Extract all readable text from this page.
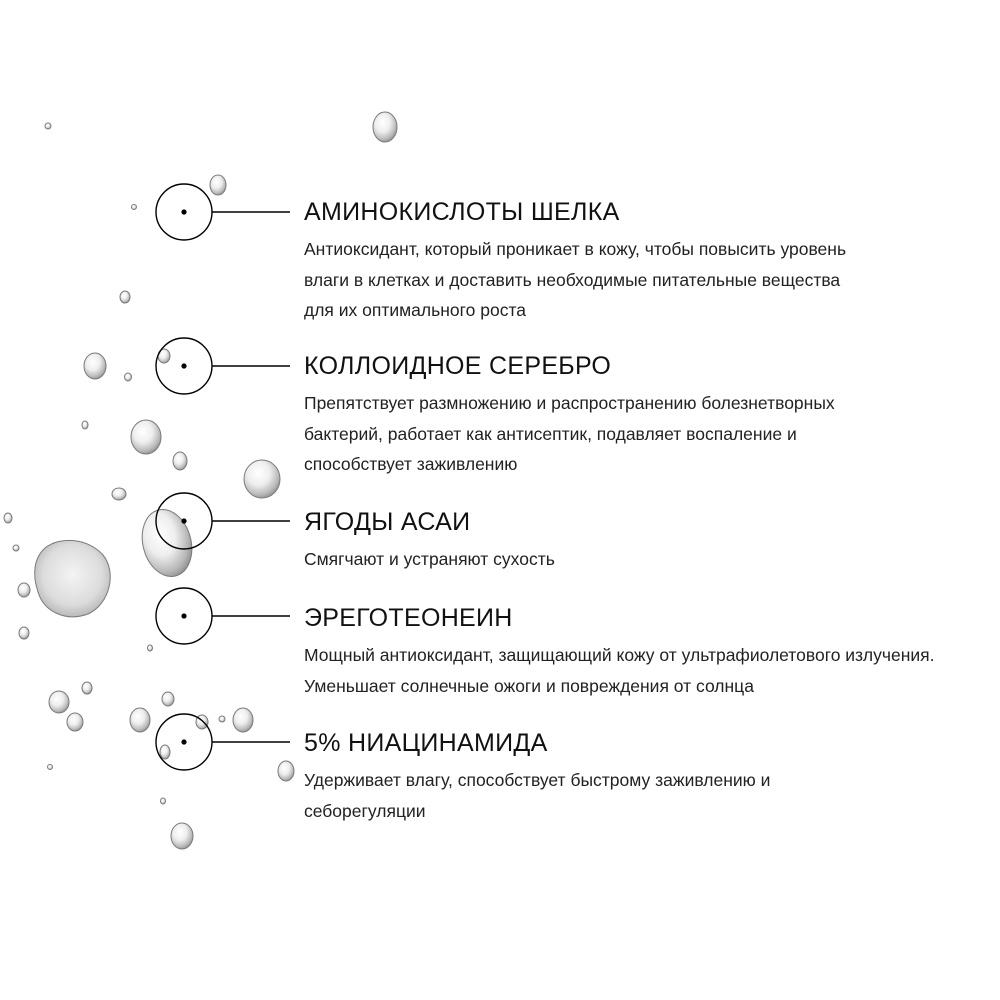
АМИНОКИСЛОТЫ ШЕЛКА

Антиоксидант, который проникает в кожу, чтобы повысить уровень влаги в клетках и доставить необходимые питательные вещества для их оптимального роста

КОЛЛОИДНОЕ СЕРЕБРО

Препятствует размножению и распространению болезнетворных бактерий, работает как антисептик, подавляет воспаление и способствует заживлению

ЯГОДЫ АСАИ

Смягчают и устраняют сухость

ЭРЕГОТЕОНЕИН

Мощный антиоксидант, защищающий кожу от ультрафиолетового излучения. Уменьшает солнечные ожоги и повреждения от солнца

5% НИАЦИНАМИДА

Удерживает влагу, способствует быстрому заживлению и себорегуляции
